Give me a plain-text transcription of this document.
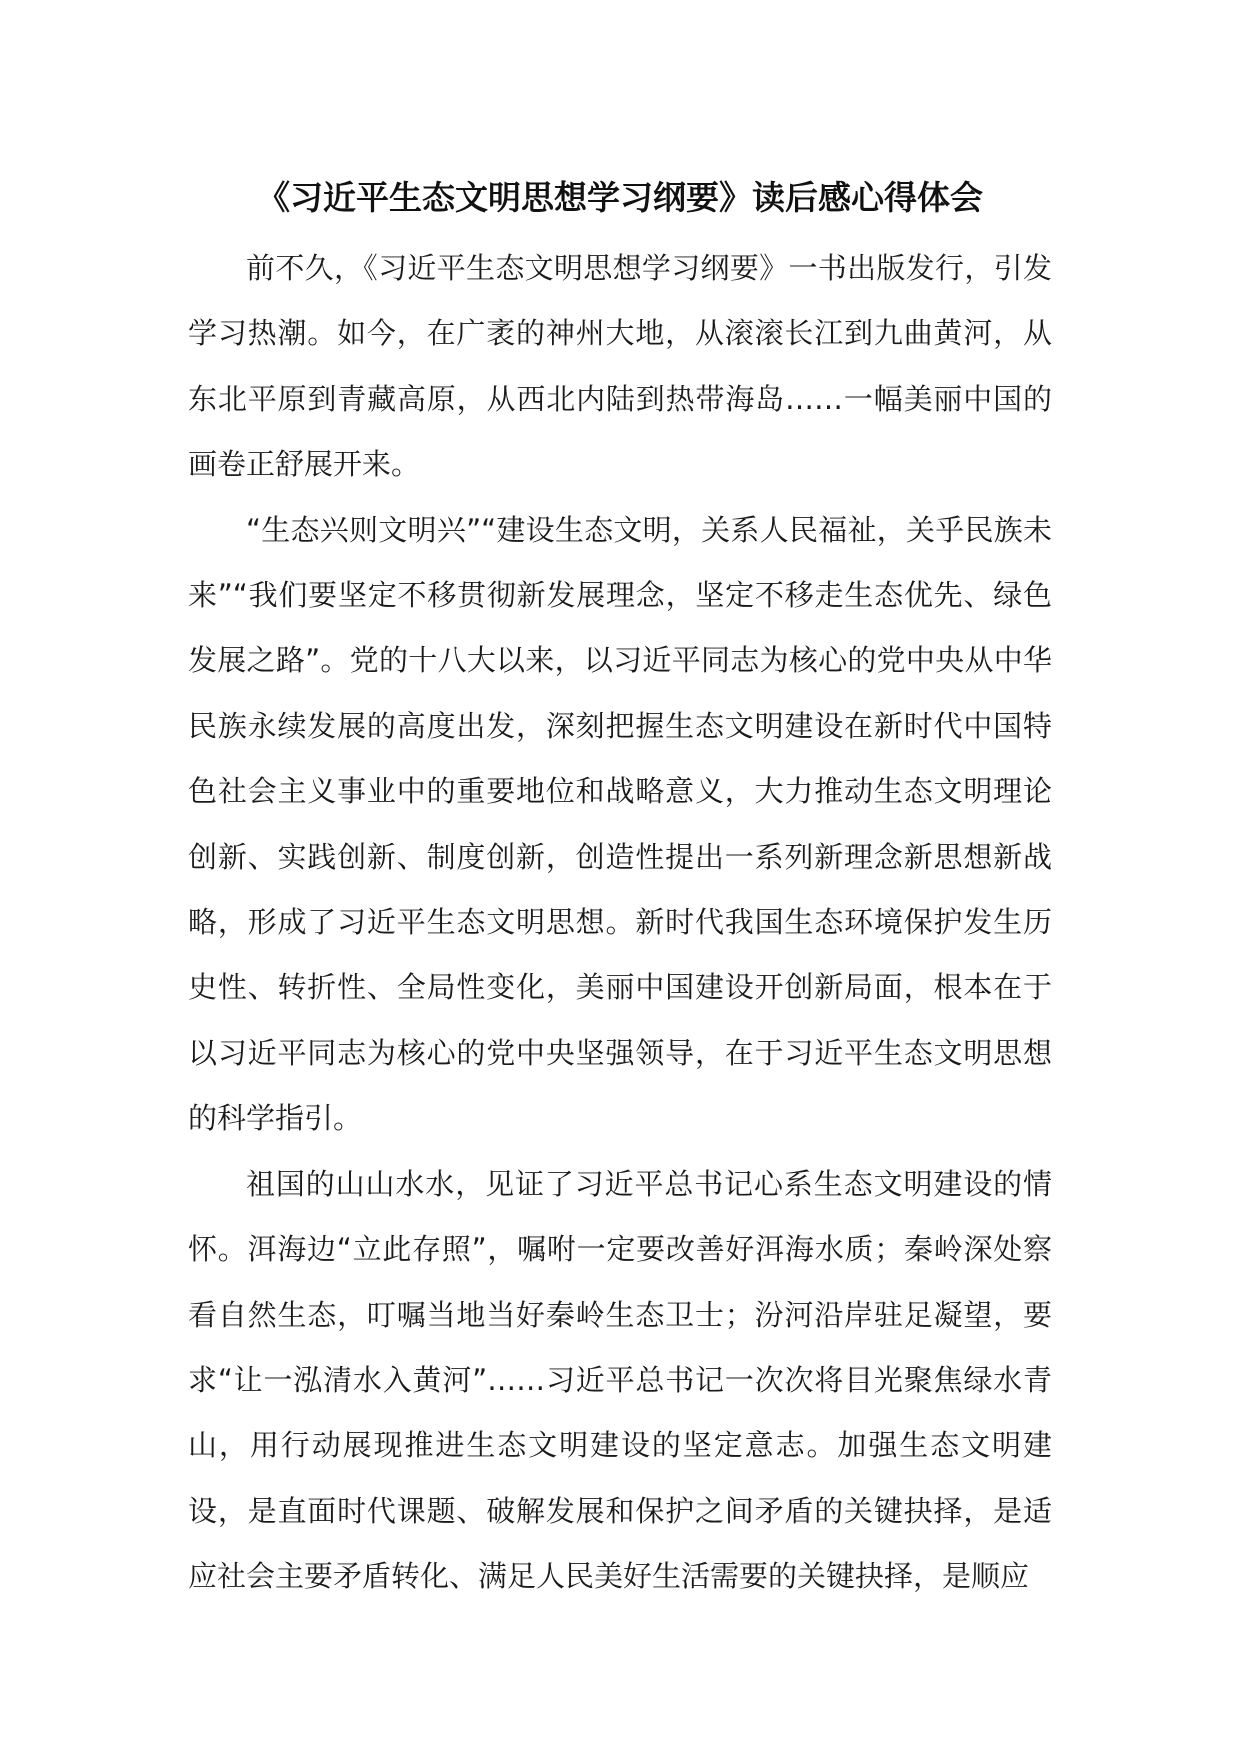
《习近平生态文明思想学习纲要》读后感心得体会

前不久，《习近平生态文明思想学习纲要》一书出版发行，引发学习热潮。如今，在广袤的神州大地，从滚滚长江到九曲黄河，从东北平原到青藏高原，从西北内陆到热带海岛……一幅美丽中国的画卷正舒展开来。

“生态兴则文明兴”“建设生态文明，关系人民福祉，关乎民族未来”“我们要坚定不移贯彻新发展理念，坚定不移走生态优先、绿色发展之路”。党的十八大以来，以习近平同志为核心的党中央从中华民族永续发展的高度出发，深刻把握生态文明建设在新时代中国特色社会主义事业中的重要地位和战略意义，大力推动生态文明理论创新、实践创新、制度创新，创造性提出一系列新理念新思想新战略，形成了习近平生态文明思想。新时代我国生态环境保护发生历史性、转折性、全局性变化，美丽中国建设开创新局面，根本在于以习近平同志为核心的党中央坚强领导，在于习近平生态文明思想的科学指引。

祖国的山山水水，见证了习近平总书记心系生态文明建设的情怀。洱海边“立此存照”，嘱咐一定要改善好洱海水质；秦岭深处察看自然生态，叮嘱当地当好秦岭生态卫士；汾河沿岸驻足凝望，要求“让一泓清水入黄河”……习近平总书记一次次将目光聚焦绿水青山，用行动展现推进生态文明建设的坚定意志。加强生态文明建设，是直面时代课题、破解发展和保护之间矛盾的关键抉择，是适应社会主要矛盾转化、满足人民美好生活需要的关键抉择，是顺应
